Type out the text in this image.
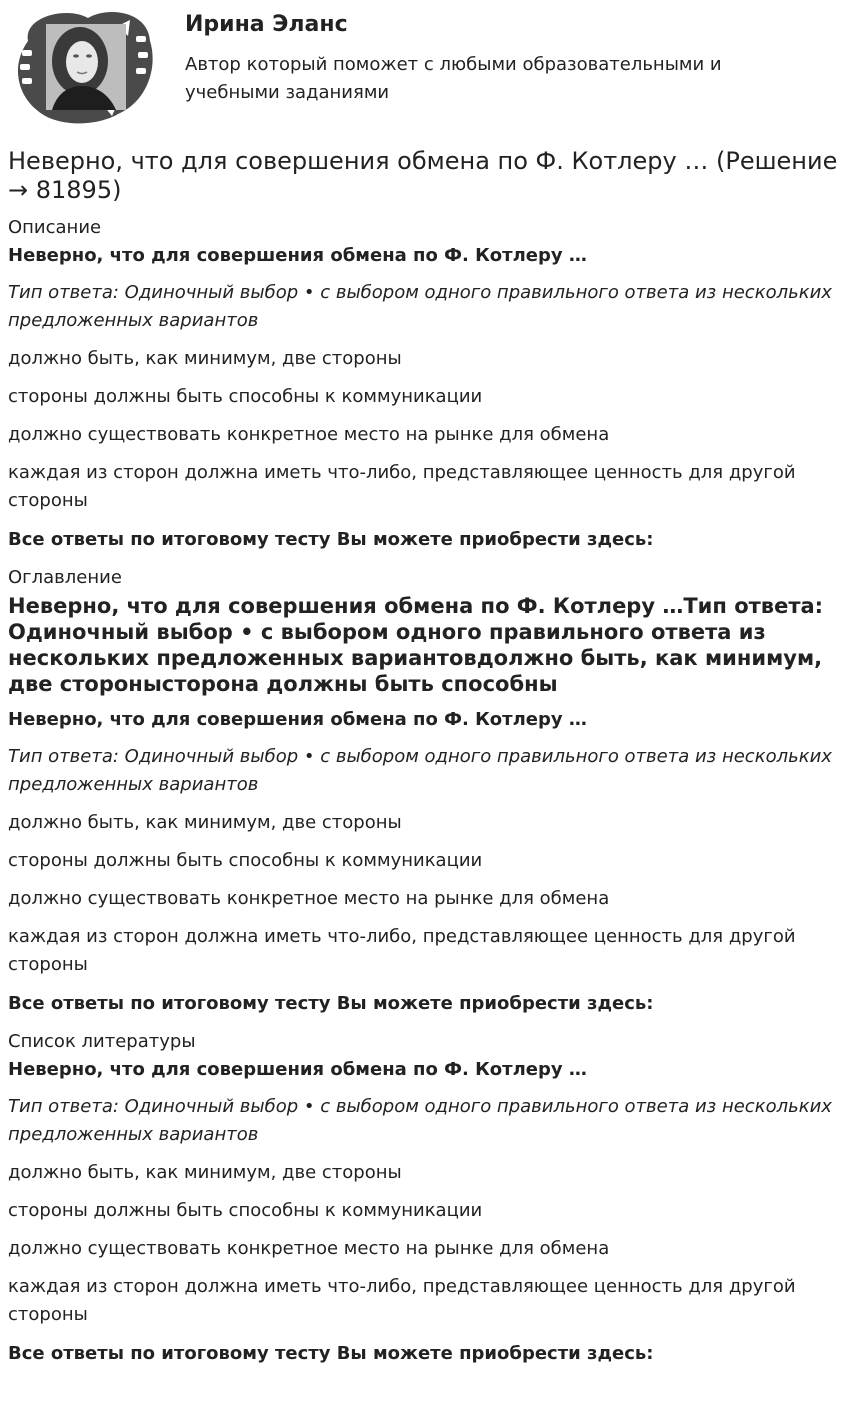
Ирина Эланс
Автор который поможет с любыми образовательными и учебными заданиями
Неверно, что для совершения обмена по Ф. Котлеру … (Решение → 81895)
Описание
Неверно, что для совершения обмена по Ф. Котлеру …
Тип ответа: Одиночный выбор • с выбором одного правильного ответа из нескольких предложенных вариантов
должно быть, как минимум, две стороны
стороны должны быть способны к коммуникации
должно существовать конкретное место на рынке для обмена
каждая из сторон должна иметь что-либо, представляющее ценность для другой стороны
Все ответы по итоговому тесту Вы можете приобрести здесь:
Оглавление
Неверно, что для совершения обмена по Ф. Котлеру …Тип ответа: Одиночный выбор • с выбором одного правильного ответа из нескольких предложенных вариантовдолжно быть, как минимум, две сторонысторона должны быть способны
Неверно, что для совершения обмена по Ф. Котлеру …
Тип ответа: Одиночный выбор • с выбором одного правильного ответа из нескольких предложенных вариантов
должно быть, как минимум, две стороны
стороны должны быть способны к коммуникации
должно существовать конкретное место на рынке для обмена
каждая из сторон должна иметь что-либо, представляющее ценность для другой стороны
Все ответы по итоговому тесту Вы можете приобрести здесь:
Список литературы
Неверно, что для совершения обмена по Ф. Котлеру …
Тип ответа: Одиночный выбор • с выбором одного правильного ответа из нескольких предложенных вариантов
должно быть, как минимум, две стороны
стороны должны быть способны к коммуникации
должно существовать конкретное место на рынке для обмена
каждая из сторон должна иметь что-либо, представляющее ценность для другой стороны
Все ответы по итоговому тесту Вы можете приобрести здесь:
